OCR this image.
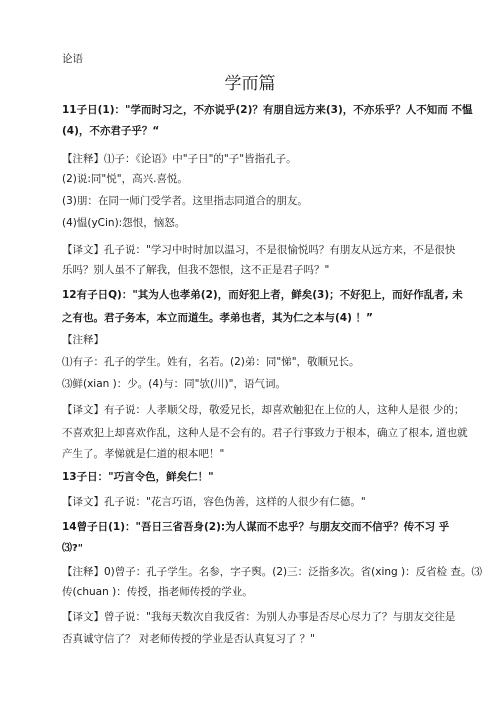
论语
学而篇
11子日(1)："学而时习之，不亦说乎(2)？有朋自远方来(3)，不亦乐乎？人不知而 不愠
(4)，不亦君子乎？“
【注释】⑴子：《论语》中"子日"的"子"皆指孔子。
(2)说:同"悦"，高兴.喜悦。
(3)朋：在同一师门受学者。这里指志同道合的朋友。
(4)愠(yCin):怨恨，恼怒。
【译文】孔子说："学习中时时加以温习，不是很愉悦吗？有朋友从远方来，不是很快
乐吗？别人虽不了解我，但我不怨恨，这不正是君子吗？"
12有子日Q)："其为人也孝弟(2)，而好犯上者，鲜矣(3)；不好犯上，而好作乱者, 未
之有也。君子务本，本立而道生。孝弟也者，其为仁之本与(4) ！”
【注释】
⑴有子：孔子的学生。姓有，名若。(2)弟：同"悌"，敬顺兄长。
⑶鲜(xian )：少。(4)与：同"欤(川)"，语气词。
【译文】有子说：人孝顺父母，敬爱兄长，却喜欢触犯在上位的人，这种人是很 少的；
不喜欢犯上却喜欢作乱，这种人是不会有的。君子行事致力于根本，确立了根本, 道也就
产生了。孝悌就是仁道的根本吧！"
13子日："巧言令色，鲜矣仁！"
【译文】孔子说："花言巧语，容色伪善，这样的人很少有仁德。"
14曾子日(1)："吾日三省吾身(2):为人谋而不忠乎？与朋友交而不信乎？传不习 乎
⑶?"
【注释】0)曾子：孔子学生。名参，字子舆。(2)三：泛指多次。省(xing )：反省检 查。⑶
传(chuan )：传授，指老师传授的学业。
【译文】曾子说："我每天数次自我反省：为别人办事是否尽心尽力了？与朋友交往是
否真诚守信了？ 对老师传授的学业是否认真复习了 ？"
